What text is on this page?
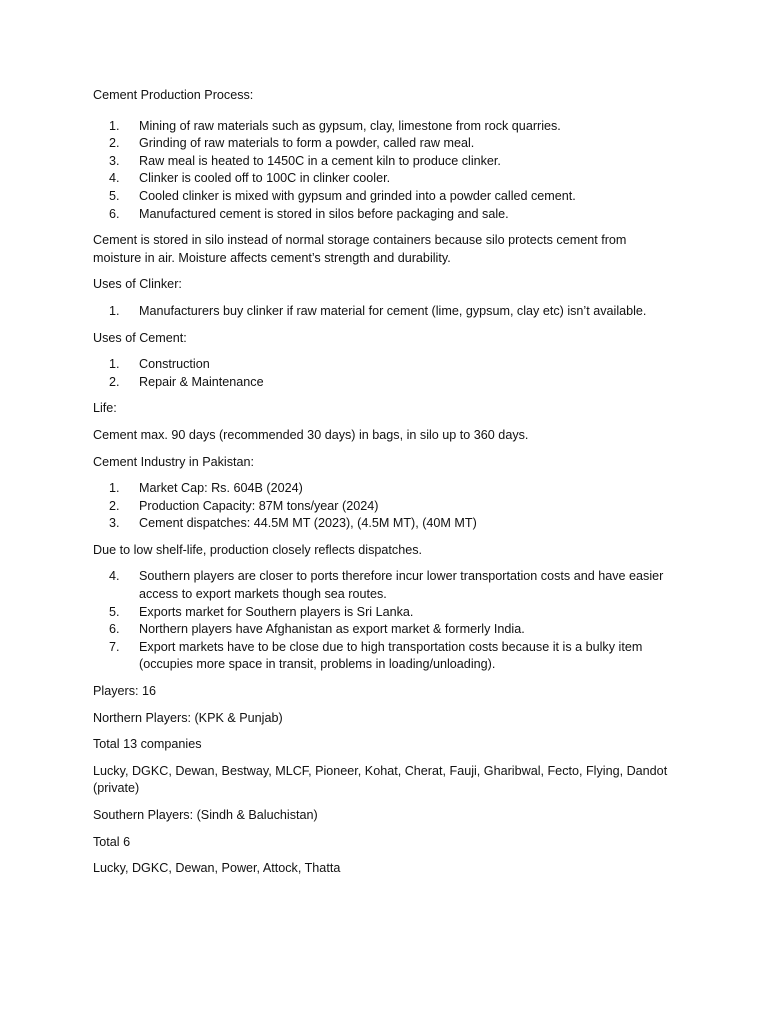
Cement Production Process:

1.	Mining of raw materials such as gypsum, clay, limestone from rock quarries.
2.	Grinding of raw materials to form a powder, called raw meal.
3.	Raw meal is heated to 1450C in a cement kiln to produce clinker.
4.	Clinker is cooled off to 100C in clinker cooler.
5.	Cooled clinker is mixed with gypsum and grinded into a powder called cement.
6.	Manufactured cement is stored in silos before packaging and sale.

Cement is stored in silo instead of normal storage containers because silo protects cement from moisture in air. Moisture affects cement’s strength and durability.

Uses of Clinker:

1.	Manufacturers buy clinker if raw material for cement (lime, gypsum, clay etc) isn’t available.

Uses of Cement:

1.	Construction
2.	Repair & Maintenance

Life:

Cement max. 90 days (recommended 30 days) in bags, in silo up to 360 days.

Cement Industry in Pakistan:

1.	Market Cap: Rs. 604B (2024)
2.	Production Capacity: 87M tons/year (2024)
3.	Cement dispatches: 44.5M MT (2023), (4.5M MT), (40M MT)

Due to low shelf-life, production closely reflects dispatches.

4.	Southern players are closer to ports therefore incur lower transportation costs and have easier access to export markets though sea routes.
5.	Exports market for Southern players is Sri Lanka.
6.	Northern players have Afghanistan as export market & formerly India.
7.	Export markets have to be close due to high transportation costs because it is a bulky item (occupies more space in transit, problems in loading/unloading).

Players: 16

Northern Players: (KPK & Punjab)

Total 13 companies

Lucky, DGKC, Dewan, Bestway, MLCF, Pioneer, Kohat, Cherat, Fauji, Gharibwal, Fecto, Flying, Dandot (private)

Southern Players: (Sindh & Baluchistan)

Total 6

Lucky, DGKC, Dewan, Power, Attock, Thatta
